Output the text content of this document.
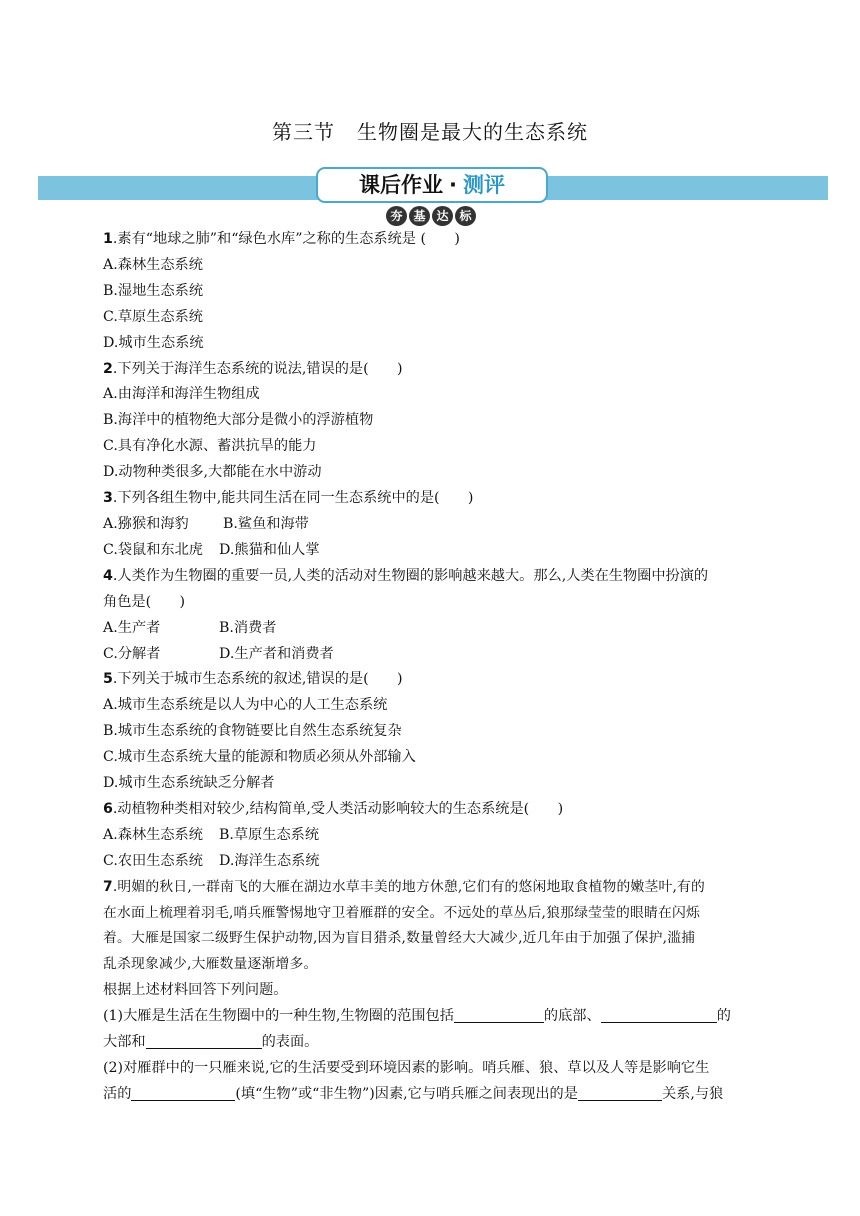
第三节 生物圈是最大的生态系统
课后作业 · 测评
夯 基 达 标
1.素有“地球之肺”和“绿色水库”之称的生态系统是 (　　)
A.森林生态系统
B.湿地生态系统
C.草原生态系统
D.城市生态系统
2.下列关于海洋生态系统的说法,错误的是(　　)
A.由海洋和海洋生物组成
B.海洋中的植物绝大部分是微小的浮游植物
C.具有净化水源、蓄洪抗旱的能力
D.动物种类很多,大都能在水中游动
3.下列各组生物中,能共同生活在同一生态系统中的是(　　)
A.猕猴和海豹 B.鲨鱼和海带
C.袋鼠和东北虎 D.熊猫和仙人掌
4.人类作为生物圈的重要一员,人类的活动对生物圈的影响越来越大。那么,人类在生物圈中扮演的
角色是(　　)
A.生产者	B.消费者
C.分解者	D.生产者和消费者
5.下列关于城市生态系统的叙述,错误的是(　　)
A.城市生态系统是以人为中心的人工生态系统
B.城市生态系统的食物链要比自然生态系统复杂
C.城市生态系统大量的能源和物质必须从外部输入
D.城市生态系统缺乏分解者
6.动植物种类相对较少,结构简单,受人类活动影响较大的生态系统是(　　)
A.森林生态系统 B.草原生态系统
C.农田生态系统 D.海洋生态系统
7.明媚的秋日,一群南飞的大雁在湖边水草丰美的地方休憩,它们有的悠闲地取食植物的嫩茎叶,有的
在水面上梳理着羽毛,哨兵雁警惕地守卫着雁群的安全。不远处的草丛后,狼那绿莹莹的眼睛在闪烁
着。大雁是国家二级野生保护动物,因为盲目猎杀,数量曾经大大减少,近几年由于加强了保护,滥捕
乱杀现象减少,大雁数量逐渐增多。
根据上述材料回答下列问题。
(1)大雁是生活在生物圈中的一种生物,生物圈的范围包括	的底部、	的
大部和	的表面。
(2)对雁群中的一只雁来说,它的生活要受到环境因素的影响。哨兵雁、狼、草以及人等是影响它生
活的	(填“生物”或“非生物”)因素,它与哨兵雁之间表现出的是	关系,与狼
